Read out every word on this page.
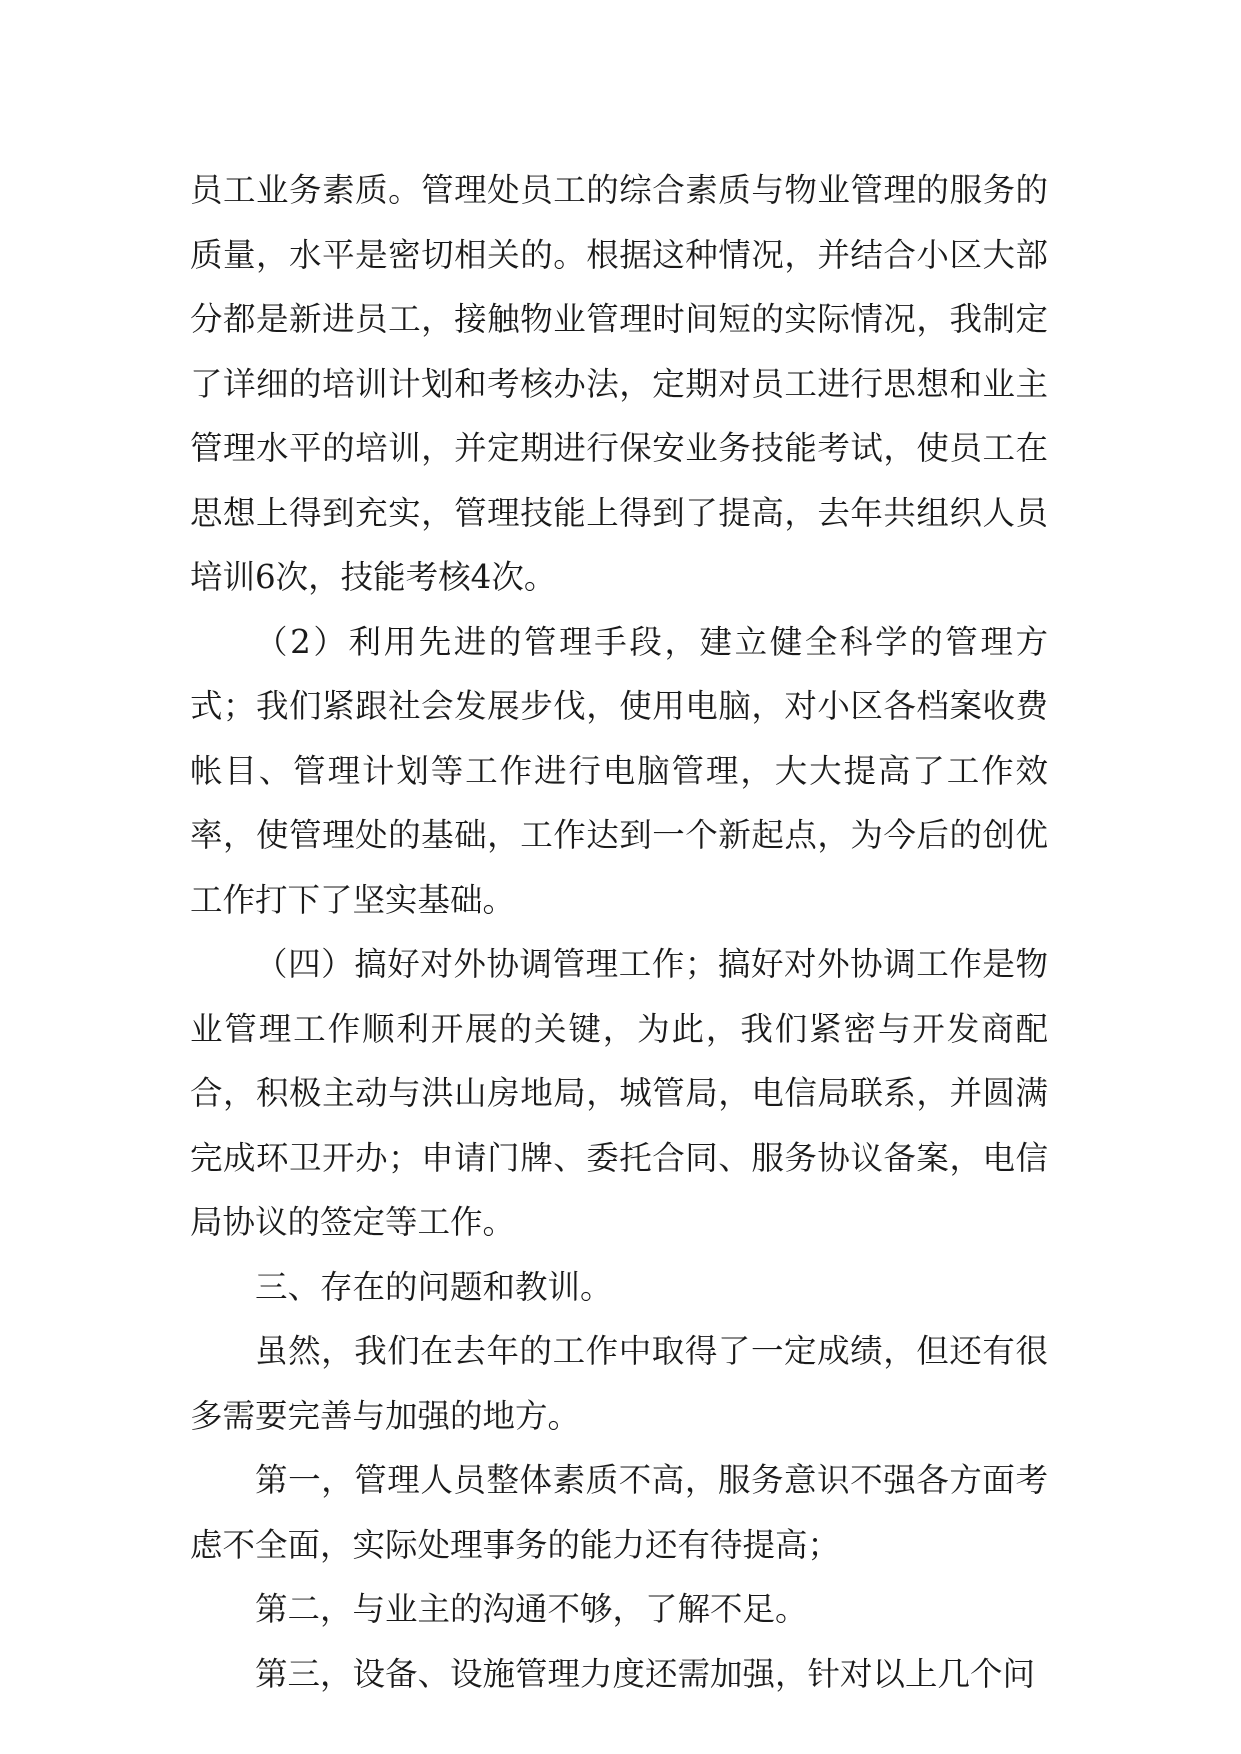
员工业务素质。管理处员工的综合素质与物业管理的服务的质量，水平是密切相关的。根据这种情况，并结合小区大部分都是新进员工，接触物业管理时间短的实际情况，我制定了详细的培训计划和考核办法，定期对员工进行思想和业主管理水平的培训，并定期进行保安业务技能考试，使员工在思想上得到充实，管理技能上得到了提高，去年共组织人员培训6次，技能考核4次。

（2）利用先进的管理手段，建立健全科学的管理方式；我们紧跟社会发展步伐，使用电脑，对小区各档案收费帐目、管理计划等工作进行电脑管理，大大提高了工作效率，使管理处的基础，工作达到一个新起点，为今后的创优工作打下了坚实基础。

（四）搞好对外协调管理工作；搞好对外协调工作是物业管理工作顺利开展的关键，为此，我们紧密与开发商配合，积极主动与洪山房地局，城管局，电信局联系，并圆满完成环卫开办；申请门牌、委托合同、服务协议备案，电信局协议的签定等工作。

三、存在的问题和教训。

虽然，我们在去年的工作中取得了一定成绩，但还有很多需要完善与加强的地方。

第一，管理人员整体素质不高，服务意识不强各方面考虑不全面，实际处理事务的能力还有待提高；

第二，与业主的沟通不够，了解不足。

第三，设备、设施管理力度还需加强，针对以上几个问
